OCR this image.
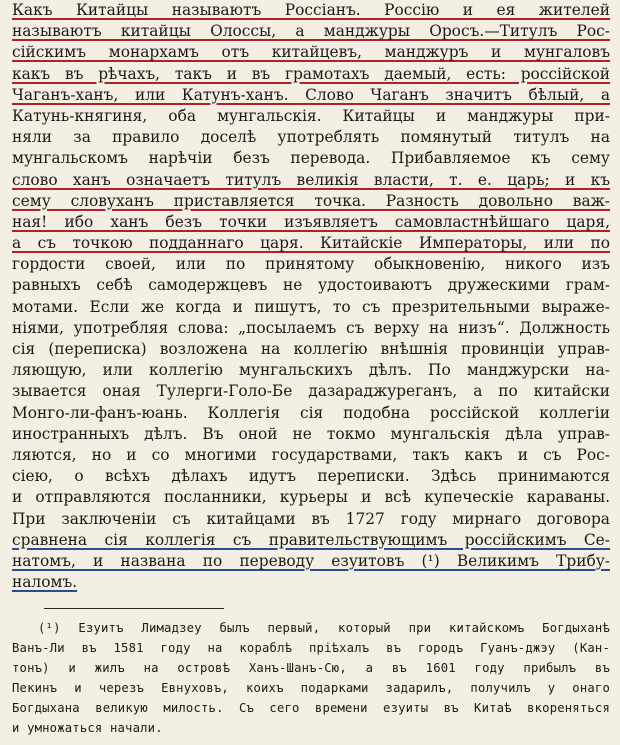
Какъ Китайцы называютъ Россіанъ. Россію и ея жителей
называютъ китайцы Олоссы, а манджуры Оросъ.—Титулъ Рос-
сійскимъ монархамъ отъ китайцевъ, манджуръ и мунгаловъ
какъ въ рѣчахъ, такъ и въ грамотахъ даемый, есть: россійской
Чаганъ-ханъ, или Катунъ-ханъ. Слово Чаганъ значитъ бѣлый, а
Катунь-княгиня, оба мунгальскія. Китайцы и манджуры при-
няли за правило доселѣ употреблять помянутый титулъ на
мунгальскомъ нарѣчіи безъ перевода. Прибавляемое къ сему
слово ханъ означаетъ титулъ великія власти, т. е. царь; и къ
сему словуханъ приставляется точка. Разность довольно важ-
ная! ибо ханъ безъ точки изъявляетъ самовластнѣйшаго царя,
а съ точкою подданнаго царя. Китайскіе Императоры, или по
гордости своей, или по принятому обыкновенію, никого изъ
равныхъ себѣ самодержцевъ не удостоиваютъ дружескими грам-
мотами. Если же когда и пишутъ, то съ презрительными выраже-
ніями, употребляя слова: „посылаемъ съ верху на низъ“. Должность
сія (переписка) возложена на коллегію внѣшнія провинціи управ-
ляющую, или коллегію мунгальскихъ дѣлъ. По манджурски на-
зывается оная Тулерги-Голо-Бе дазараджуреганъ, а по китайски
Монго-ли-фанъ-юань. Коллегія сія подобна россійской коллегіи
иностранныхъ дѣлъ. Въ оной не токмо мунгальскія дѣла управ-
ляются, но и со многими государствами, такъ какъ и съ Рос-
сіею, о всѣхъ дѣлахъ идутъ переписки. Здѣсь принимаются
и отправляются посланники, курьеры и всѣ купеческіе караваны.
При заключеніи съ китайцами въ 1727 году мирнаго договора
сравнена сія коллегія съ правительствующимъ россійскимъ Се-
натомъ, и названа по переводу езуитовъ (¹) Великимъ Трибу-
наломъ.
(¹) Езуитъ Лимадзеу былъ первый, который при китайскомъ Богдыханѣ
Ванъ-Ли въ 1581 году на кораблѣ пріѣхалъ въ городъ Гуанъ-джэу (Кан-
тонъ) и жилъ на островѣ Ханъ-Шанъ-Сю, а въ 1601 году прибылъ въ
Пекинъ и черезъ Евнуховъ, коихъ подарками задарилъ, получилъ у онаго
Богдыхана великую милость. Съ сего времени езуиты въ Китаѣ вкореняться
и умножаться начали.
